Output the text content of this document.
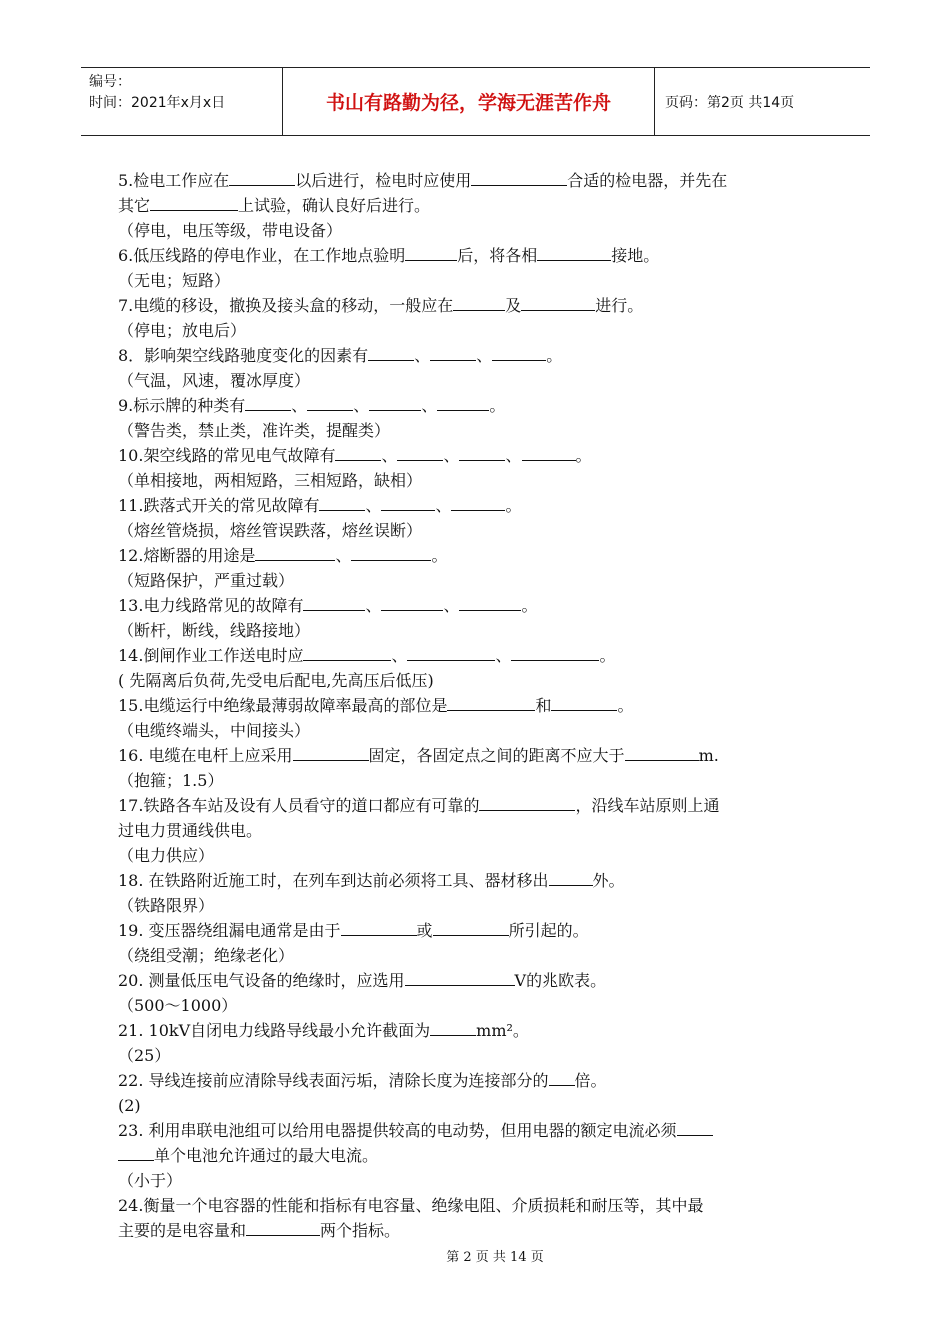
编号：
时间：2021年x月x日	书山有路勤为径，学海无涯苦作舟	页码：第2页 共14页
5.检电工作应在	以后进行，检电时应使用	合适的检电器，并先在
其它	上试验，确认良好后进行。
（停电，电压等级，带电设备）
6.低压线路的停电作业，在工作地点验明	后，将各相	接地。
（无电；短路）
7.电缆的移设，撤换及接头盒的移动，一般应在	及	进行。
（停电；放电后）
8．影响架空线路驰度变化的因素有	、	、	。
（气温，风速，覆冰厚度）
9.标示牌的种类有	、	、	、	。
（警告类，禁止类，准许类，提醒类）
10.架空线路的常见电气故障有	、	、	、	。
（单相接地，两相短路，三相短路，缺相）
11.跌落式开关的常见故障有	、	、	。
（熔丝管烧损，熔丝管误跌落，熔丝误断）
12.熔断器的用途是	、	。
（短路保护，严重过载）
13.电力线路常见的故障有	、	、	。
（断杆，断线，线路接地）
14.倒闸作业工作送电时应	、	、	。
( 先隔离后负荷,先受电后配电,先高压后低压)
15.电缆运行中绝缘最薄弱故障率最高的部位是	和	。
（电缆终端头，中间接头）
16. 电缆在电杆上应采用	固定，各固定点之间的距离不应大于	m.
（抱箍；1.5）
17.铁路各车站及设有人员看守的道口都应有可靠的	，沿线车站原则上通
过电力贯通线供电。
（电力供应）
18. 在铁路附近施工时，在列车到达前必须将工具、器材移出	外。
（铁路限界）
19. 变压器绕组漏电通常是由于	或	所引起的。
（绕组受潮；绝缘老化）
20. 测量低压电气设备的绝缘时，应选用	V的兆欧表。
（500～1000）
21. 10kV自闭电力线路导线最小允许截面为	mm²。
（25）
22. 导线连接前应清除导线表面污垢，清除长度为连接部分的 倍。
(2)
23. 利用串联电池组可以给用电器提供较高的电动势，但用电器的额定电流必须
单个电池允许通过的最大电流。
（小于）
24.衡量一个电容器的性能和指标有电容量、绝缘电阻、介质损耗和耐压等，其中最
主要的是电容量和	两个指标。
第 2 页 共 14 页
